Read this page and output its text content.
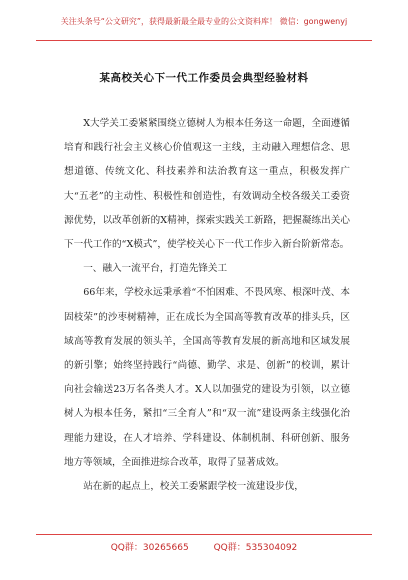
关注头条号“公文研究”，获得最新最全最专业的公文资料库！ 微信：gongwenyj
某高校关心下一代工作委员会典型经验材料

X大学关工委紧紧围绕立德树人为根本任务这一命题，全面遵循培育和践行社会主义核心价值观这一主线，主动融入理想信念、思想道德、传统文化、科技素养和法治教育这一重点，积极发挥广大“五老”的主动性、积极性和创造性，有效调动全校各级关工委资源优势，以改革创新的X精神，探索实践关工新路，把握凝练出关心下一代工作的“X模式”，使学校关心下一代工作步入新台阶新常态。

一、融入一流平台，打造先锋关工

66年来，学校永远秉承着“不怕困难、不畏风寒、根深叶茂、本固枝荣”的沙枣树精神，正在成长为全国高等教育改革的排头兵，区域高等教育发展的领头羊，全国高等教育发展的新高地和区域发展的新引擎；始终坚持践行“尚德、勤学、求是、创新”的校训，累计向社会输送23万名各类人才。X人以加强党的建设为引领，以立德树人为根本任务，紧扣“三全育人”和“双一流”建设两条主线强化治理能力建设，在人才培养、学科建设、体制机制、科研创新、服务地方等领域，全面推进综合改革，取得了显著成效。

站在新的起点上，校关工委紧跟学校一流建设步伐，

QQ群：30265665	QQ群：535304092
